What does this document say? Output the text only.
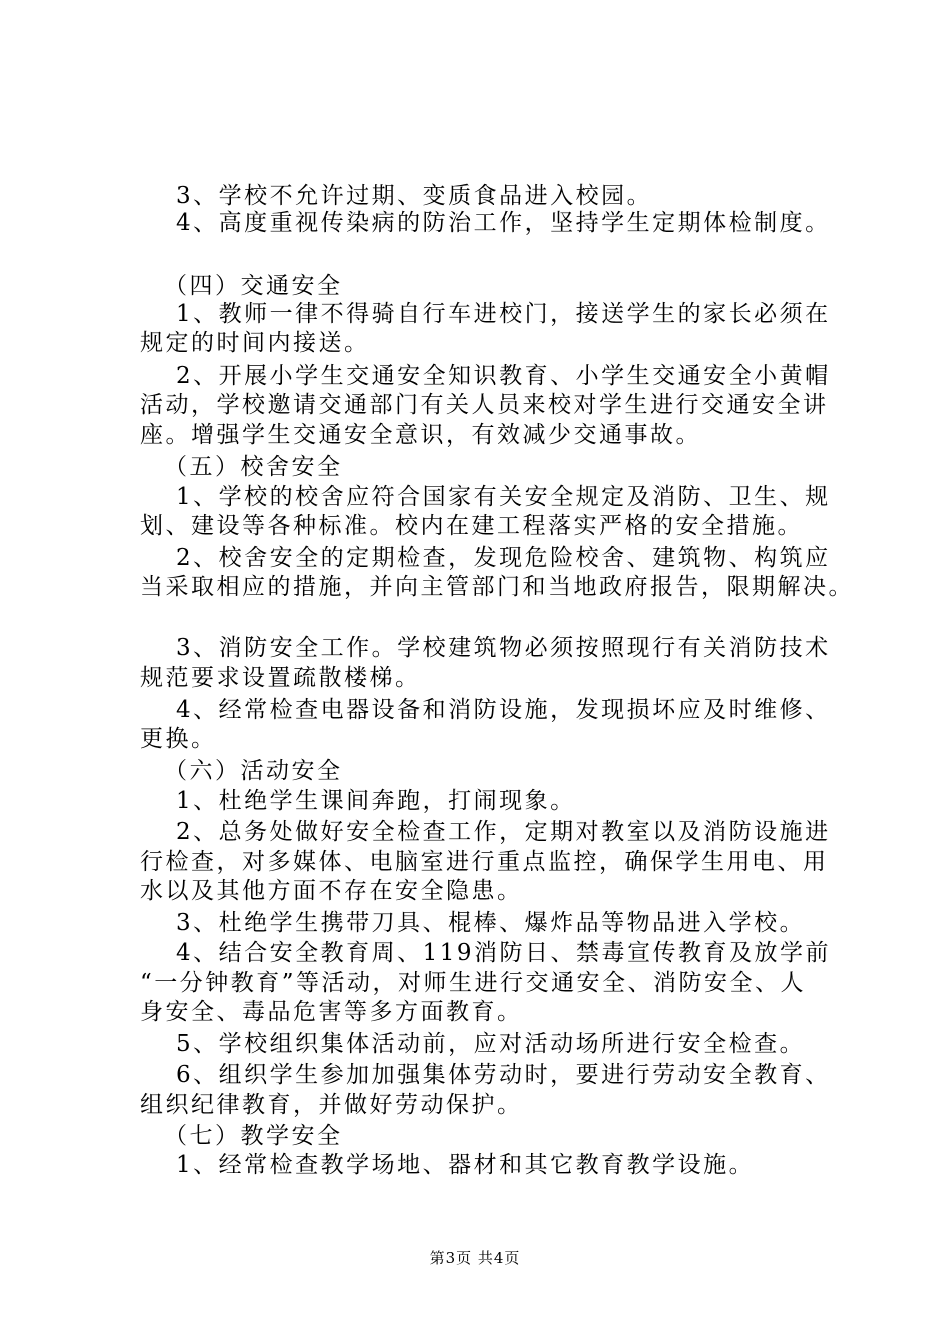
3、学校不允许过期、变质食品进入校园。
4、高度重视传染病的防治工作，坚持学生定期体检制度。
（四）交通安全
1、教师一律不得骑自行车进校门，接送学生的家长必须在
规定的时间内接送。
2、开展小学生交通安全知识教育、小学生交通安全小黄帽
活动，学校邀请交通部门有关人员来校对学生进行交通安全讲
座。增强学生交通安全意识，有效减少交通事故。
（五）校舍安全
1、学校的校舍应符合国家有关安全规定及消防、卫生、规
划、建设等各种标准。校内在建工程落实严格的安全措施。
2、校舍安全的定期检查，发现危险校舍、建筑物、构筑应
当采取相应的措施，并向主管部门和当地政府报告，限期解决。
3、消防安全工作。学校建筑物必须按照现行有关消防技术
规范要求设置疏散楼梯。
4、经常检查电器设备和消防设施，发现损坏应及时维修、
更换。
（六）活动安全
1、杜绝学生课间奔跑，打闹现象。
2、总务处做好安全检查工作，定期对教室以及消防设施进
行检查，对多媒体、电脑室进行重点监控，确保学生用电、用
水以及其他方面不存在安全隐患。
3、杜绝学生携带刀具、棍棒、爆炸品等物品进入学校。
4、结合安全教育周、119消防日、禁毒宣传教育及放学前
“一分钟教育”等活动，对师生进行交通安全、消防安全、人
身安全、毒品危害等多方面教育。
5、学校组织集体活动前，应对活动场所进行安全检查。
6、组织学生参加加强集体劳动时，要进行劳动安全教育、
组织纪律教育，并做好劳动保护。
（七）教学安全
1、经常检查教学场地、器材和其它教育教学设施。
第3页 共4页
